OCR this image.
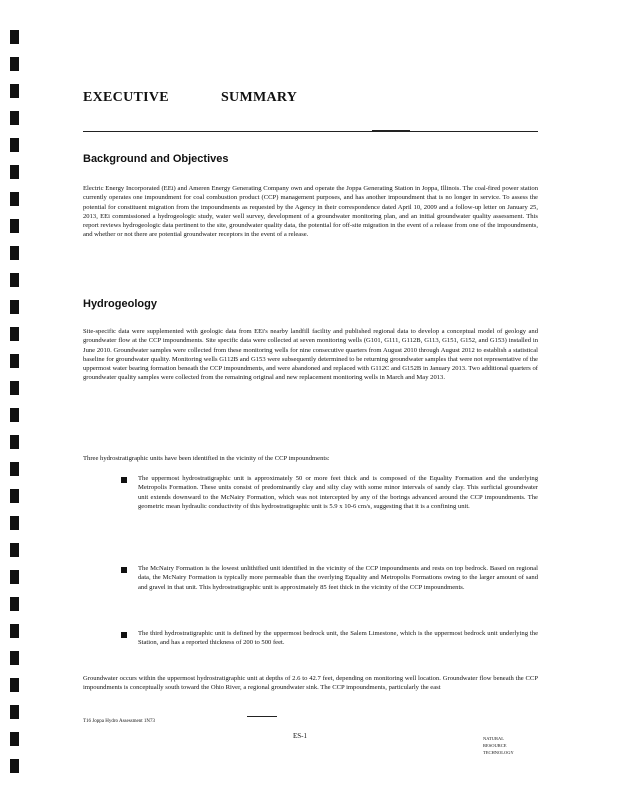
EXECUTIVE	SUMMARY
Background and Objectives

Electric Energy Incorporated (EEi) and Ameren Energy Generating Company own and operate the Joppa Generating Station in Joppa, Illinois. The coal-fired power station currently operates one impoundment for coal combustion product (CCP) management purposes, and has another impoundment that is no longer in service. To assess the potential for constituent migration from the impoundments as requested by the Agency in their correspondence dated April 10, 2009 and a follow-up letter on January 25, 2013, EEi commissioned a hydrogeologic study, water well survey, development of a groundwater monitoring plan, and an initial groundwater quality assessment. This report reviews hydrogeologic data pertinent to the site, groundwater quality data, the potential for off-site migration in the event of a release from one of the impoundments, and whether or not there are potential groundwater receptors in the event of a release.

Hydrogeology

Site-specific data were supplemented with geologic data from EEi's nearby landfill facility and published regional data to develop a conceptual model of geology and groundwater flow at the CCP impoundments. Site specific data were collected at seven monitoring wells (G101, G111, G112B, G113, G151, G152, and G153) installed in June 2010. Groundwater samples were collected from these monitoring wells for nine consecutive quarters from August 2010 through August 2012 to establish a statistical baseline for groundwater quality. Monitoring wells G112B and G153 were subsequently determined to be returning groundwater samples that were not representative of the uppermost water bearing formation beneath the CCP impoundments, and were abandoned and replaced with G112C and G152B in January 2013. Two additional quarters of groundwater quality samples were collected from the remaining original and new replacement monitoring wells in March and May 2013.

Three hydrostratigraphic units have been identified in the vicinity of the CCP impoundments:

The uppermost hydrostratigraphic unit is approximately 50 or more feet thick and is composed of the Equality Formation and the underlying Metropolis Formation. These units consist of predominantly clay and silty clay with some minor intervals of sandy clay. This surficial groundwater unit extends downward to the McNairy Formation, which was not intercepted by any of the borings advanced around the CCP impoundments. The geometric mean hydraulic conductivity of this hydrostratigraphic unit is 5.9 x 10-6 cm/s, suggesting that it is a confining unit.

The McNairy Formation is the lowest unlithified unit identified in the vicinity of the CCP impoundments and rests on top bedrock. Based on regional data, the McNairy Formation is typically more permeable than the overlying Equality and Metropolis Formations owing to the larger amount of sand and gravel in that unit. This hydrostratigraphic unit is approximately 85 feet thick in the vicinity of the CCP impoundments.

The third hydrostratigraphic unit is defined by the uppermost bedrock unit, the Salem Limestone, which is the uppermost bedrock unit underlying the Station, and has a reported thickness of 200 to 500 feet.

Groundwater occurs within the uppermost hydrostratigraphic unit at depths of 2.6 to 42.7 feet, depending on monitoring well location. Groundwater flow beneath the CCP impoundments is conceptually south toward the Ohio River, a regional groundwater sink. The CCP impoundments, particularly the east

T16 Joppa Hydro Assessment 1N73
ES-1	NATURAL
RESOURCE
TECHNOLOGY
